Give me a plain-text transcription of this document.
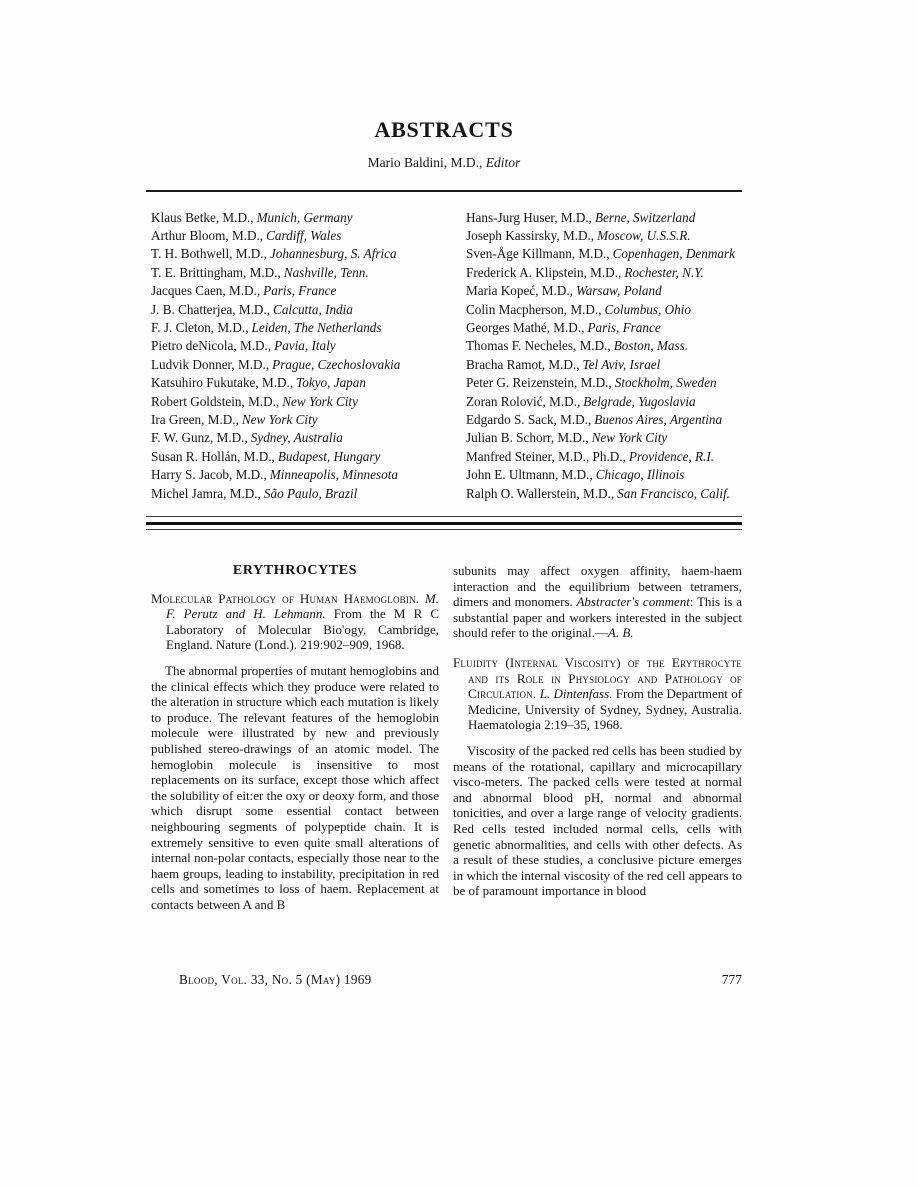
ABSTRACTS
Mario Baldini, M.D., Editor
Klaus Betke, M.D., Munich, Germany
Arthur Bloom, M.D., Cardiff, Wales
T. H. Bothwell, M.D., Johannesburg, S. Africa
T. E. Brittingham, M.D., Nashville, Tenn.
Jacques Caen, M.D., Paris, France
J. B. Chatterjea, M.D., Calcutta, India
F. J. Cleton, M.D., Leiden, The Netherlands
Pietro deNicola, M.D., Pavia, Italy
Ludvik Donner, M.D., Prague, Czechoslovakia
Katsuhiro Fukutake, M.D., Tokyo, Japan
Robert Goldstein, M.D., New York City
Ira Green, M.D., New York City
F. W. Gunz, M.D., Sydney, Australia
Susan R. Hollán, M.D., Budapest, Hungary
Harry S. Jacob, M.D., Minneapolis, Minnesota
Michel Jamra, M.D., São Paulo, Brazil
Hans-Jurg Huser, M.D., Berne, Switzerland
Joseph Kassirsky, M.D., Moscow, U.S.S.R.
Sven-Åge Killmann, M.D., Copenhagen, Denmark
Frederick A. Klipstein, M.D., Rochester, N.Y.
Maria Kopeć, M.D., Warsaw, Poland
Colin Macpherson, M.D., Columbus, Ohio
Georges Mathé, M.D., Paris, France
Thomas F. Necheles, M.D., Boston, Mass.
Bracha Ramot, M.D., Tel Aviv, Israel
Peter G. Reizenstein, M.D., Stockholm, Sweden
Zoran Rolović, M.D., Belgrade, Yugoslavia
Edgardo S. Sack, M.D., Buenos Aires, Argentina
Julian B. Schorr, M.D., New York City
Manfred Steiner, M.D., Ph.D., Providence, R.I.
John E. Ultmann, M.D., Chicago, Illinois
Ralph O. Wallerstein, M.D., San Francisco, Calif.
ERYTHROCYTES

Molecular Pathology of Human Haemoglobin. M. F. Perutz and H. Lehmann. From the M R C Laboratory of Molecular Bio'ogy, Cambridge, England. Nature (Lond.). 219:902–909, 1968.

The abnormal properties of mutant hemoglobins and the clinical effects which they produce were related to the alteration in structure which each mutation is likely to produce. The relevant features of the hemoglobin molecule were illustrated by new and previously published stereo-drawings of an atomic model. The hemoglobin molecule is insensitive to most replacements on its surface, except those which affect the solubility of eit:er the oxy or deoxy form, and those which disrupt some essential contact between neighbouring segments of polypeptide chain. It is extremely sensitive to even quite small alterations of internal non-polar contacts, especially those near to the haem groups, leading to instability, precipitation in red cells and sometimes to loss of haem. Replacement at contacts between A and B

subunits may affect oxygen affinity, haem-haem interaction and the equilibrium between tetramers, dimers and monomers. Abstracter's comment: This is a substantial paper and workers interested in the subject should refer to the original.—A. B.

Fluidity (Internal Viscosity) of the Erythrocyte and its Role in Physiology and Pathology of Circulation. L. Dintenfass. From the Department of Medicine, University of Sydney, Sydney, Australia. Haematologia 2:19–35, 1968.

Viscosity of the packed red cells has been studied by means of the rotational, capillary and microcapillary visco-meters. The packed cells were tested at normal and abnormal blood pH, normal and abnormal tonicities, and over a large range of velocity gradients. Red cells tested included normal cells, cells with genetic abnormalities, and cells with other defects. As a result of these studies, a conclusive picture emerges in which the internal viscosity of the red cell appears to be of paramount importance in blood

Blood, Vol. 33, No. 5 (May) 1969	777
